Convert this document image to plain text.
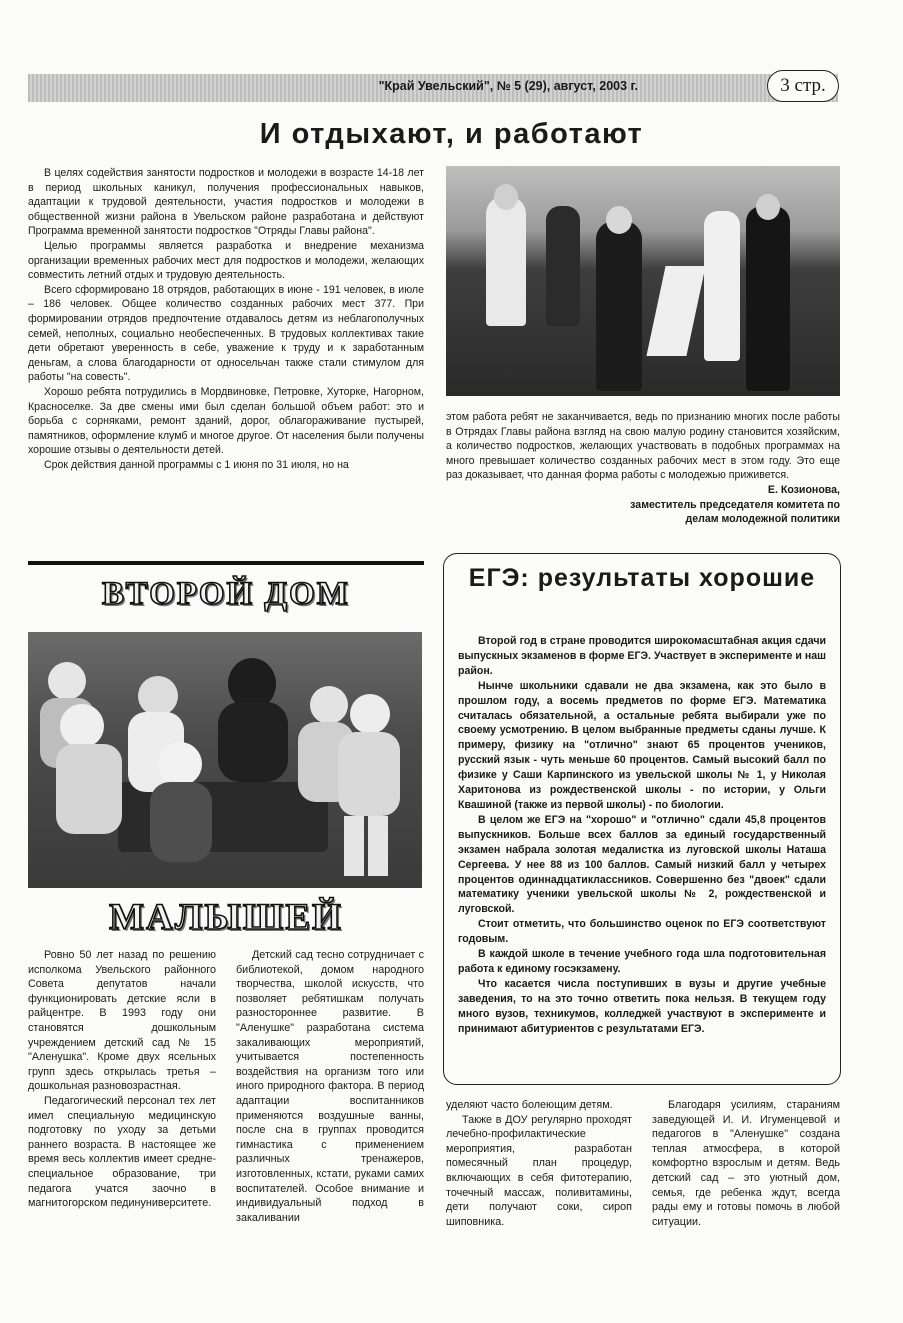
"Край Увельский", № 5 (29), август, 2003 г.	3 стр.
И отдыхают, и работают

В целях содействия занятости подростков и молодежи в возрасте 14-18 лет в период школьных каникул, получения профессиональных навыков, адаптации к трудовой деятельности, участия подростков и молодежи в общественной жизни района в Увельском районе разработана и действуют Программа временной занятости подростков "Отряды Главы района".

Целью программы является разработка и внедрение механизма организации временных рабочих мест для подростков и молодежи, желающих совместить летний отдых и трудовую деятельность.

Всего сформировано 18 отрядов, работающих в июне - 191 человек, в июле – 186 человек. Общее количество созданных рабочих мест 377. При формировании отрядов предпочтение отдавалось детям из неблагополучных семей, неполных, социально необеспеченных. В трудовых коллективах такие дети обретают уверенность в себе, уважение к труду и к заработанным деньгам, а слова благодарности от односельчан также стали стимулом для работы "на совесть".

Хорошо ребята потрудились в Мордвиновке, Петровке, Хуторке, Нагорном, Красноселке. За две смены ими был сделан большой объем работ: это и борьба с сорняками, ремонт зданий, дорог, облагораживание пустырей, памятников, оформление клумб и многое другое. От населения были получены хорошие отзывы о деятельности детей.

Срок действия данной программы с 1 июня по 31 июля, но на

этом работа ребят не заканчивается, ведь по признанию многих после работы в Отрядах Главы района взгляд на свою малую родину становится хозяйским, а количество подростков, желающих участвовать в подобных программах на много превышает количество созданных рабочих мест в этом году. Это еще раз доказывает, что данная форма работы с молодежью приживется.

Е. Козионова,
заместитель председателя комитета по делам молодежной политики
ВТОРОЙ ДОМ
МАЛЫШЕЙ

Ровно 50 лет назад по решению исполкома Увельского районного Совета депутатов начали функционировать детские ясли в райцентре. В 1993 году они становятся дошкольным учреждением детский сад № 15 "Аленушка". Кроме двух ясельных групп здесь открылась третья – дошкольная разновозрастная.

Педагогический персонал тех лет имел специальную медицинскую подготовку по уходу за детьми раннего возраста. В настоящее же время весь коллектив имеет средне-специальное образование, три педагога учатся заочно в магнитогорском пединуниверситете.

Детский сад тесно сотрудничает с библиотекой, домом народного творчества, школой искусств, что позволяет ребятишкам получать разностороннее развитие. В "Аленушке" разработана система закаливающих мероприятий, учитывается постепенность воздействия на организм того или иного природного фактора. В период адаптации воспитанников применяются воздушные ванны, после сна в группах проводится гимнастика с применением различных тренажеров, изготовленных, кстати, руками самих воспитателей. Особое внимание и индивидуальный подход в закаливании

уделяют часто болеющим детям.

Также в ДОУ регулярно проходят лечебно-профилактические мероприятия, разработан помесячный план процедур, включающих в себя фитотерапию, точечный массаж, поливитамины, дети получают соки, сироп шиповника.

Благодаря усилиям, стараниям заведующей И. И. Игуменцевой и педагогов в "Аленушке" создана теплая атмосфера, в которой комфортно взрослым и детям. Ведь детский сад – это уютный дом, семья, где ребенка ждут, всегда рады ему и готовы помочь в любой ситуации.

ЕГЭ: результаты хорошие

Второй год в стране проводится широкомасштабная акция сдачи выпускных экзаменов в форме ЕГЭ. Участвует в эксперименте и наш район.

Нынче школьники сдавали не два экзамена, как это было в прошлом году, а восемь предметов по форме ЕГЭ. Математика считалась обязательной, а остальные ребята выбирали уже по своему усмотрению. В целом выбранные предметы сданы лучше. К примеру, физику на "отлично" знают 65 процентов учеников, русский язык - чуть меньше 60 процентов. Самый высокий балл по физике у Саши Карпинского из увельской школы № 1, у Николая Харитонова из рождественской школы - по истории, у Ольги Квашиной (также из первой школы) - по биологии.

В целом же ЕГЭ на "хорошо" и "отлично" сдали 45,8 процентов выпускников. Больше всех баллов за единый государственный экзамен набрала золотая медалистка из луговской школы Наташа Сергеева. У нее 88 из 100 баллов. Самый низкий балл у четырех процентов одиннадцатиклассников. Совершенно без "двоек" сдали математику ученики увельской школы № 2, рождественской и луговской.

Стоит отметить, что большинство оценок по ЕГЭ соответствуют годовым.

В каждой школе в течение учебного года шла подготовительная работа к единому госэкзамену.

Что касается числа поступивших в вузы и другие учебные заведения, то на это точно ответить пока нельзя. В текущем году много вузов, техникумов, колледжей участвуют в эксперименте и принимают абитуриентов с результатами ЕГЭ.
